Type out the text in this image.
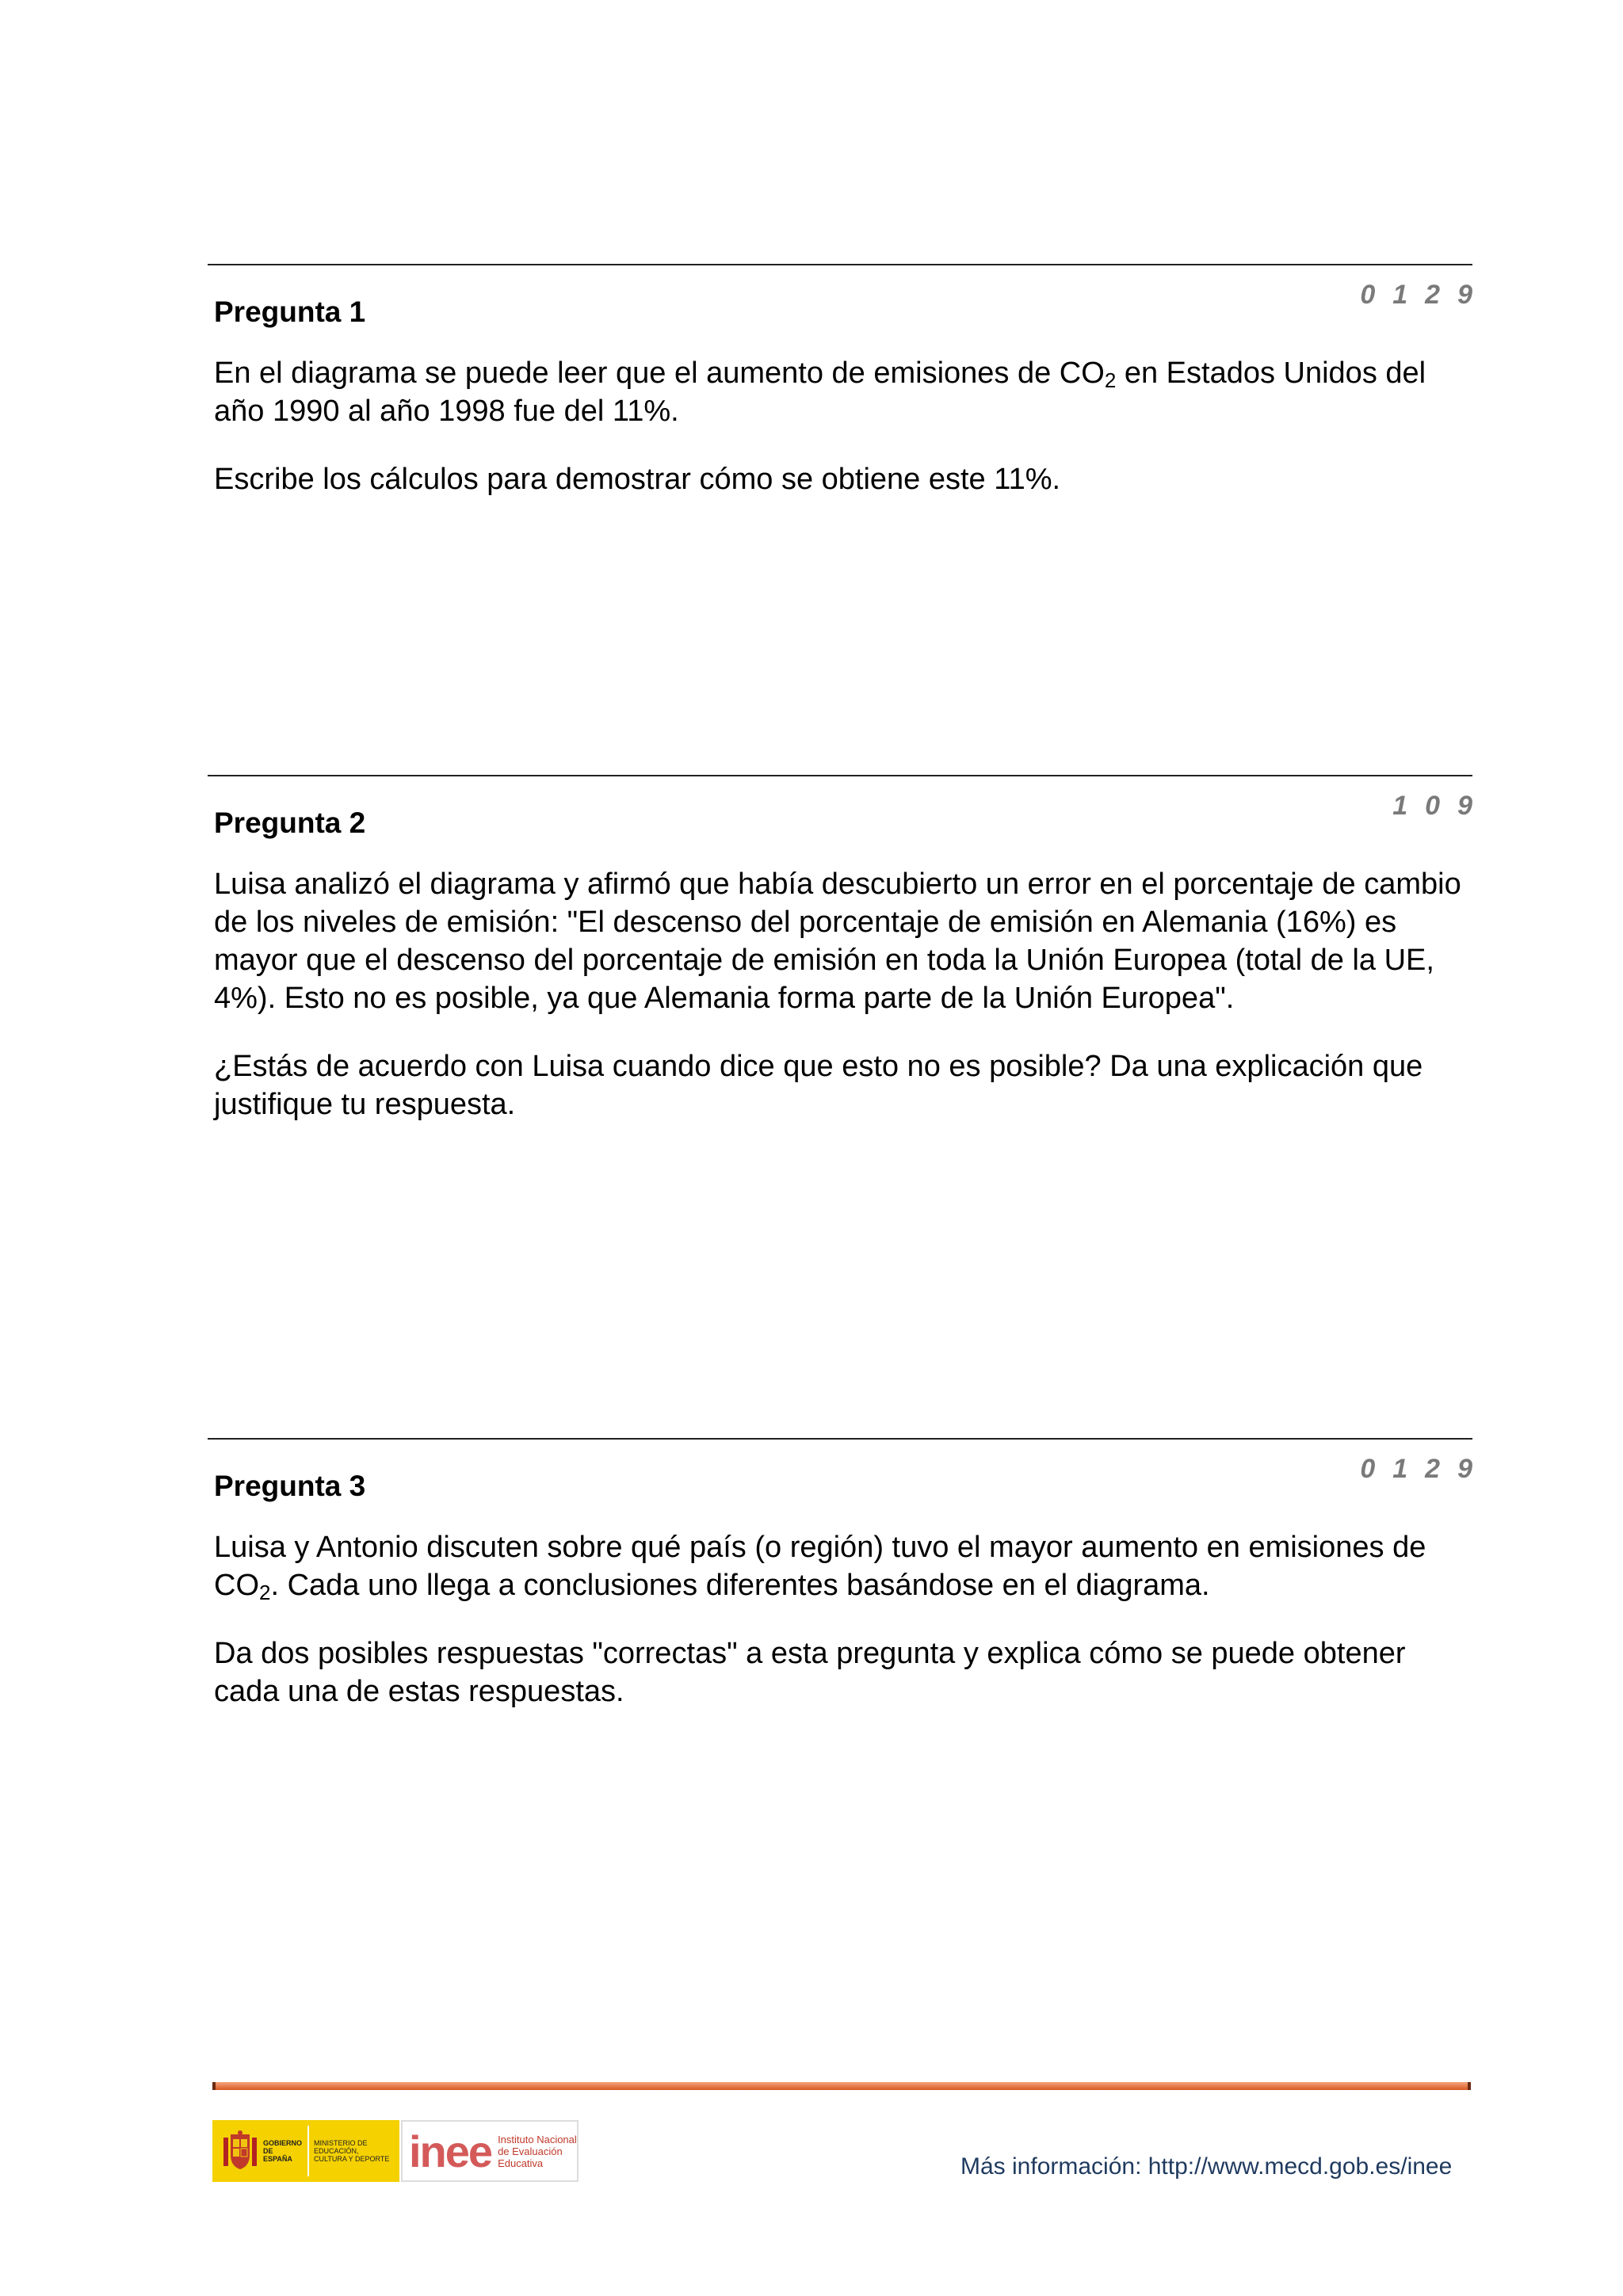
0 1 2 9
Pregunta 1

En el diagrama se puede leer que el aumento de emisiones de $CO_2$ en Estados Unidos del año 1990 al año 1998 fue del 11%.

Escribe los cálculos para demostrar cómo se obtiene este 11%.

1 0 9
Pregunta 2

Luisa analizó el diagrama y afirmó que había descubierto un error en el porcentaje de cambio de los niveles de emisión: "El descenso del porcentaje de emisión en Alemania (16%) es mayor que el descenso del porcentaje de emisión en toda la Unión Europea (total de la UE, 4%). Esto no es posible, ya que Alemania forma parte de la Unión Europea".

¿Estás de acuerdo con Luisa cuando dice que esto no es posible? Da una explicación que justifique tu respuesta.

0 1 2 9
Pregunta 3

Luisa y Antonio discuten sobre qué país (o región) tuvo el mayor aumento en emisiones de $CO_2$. Cada uno llega a conclusiones diferentes basándose en el diagrama.

Da dos posibles respuestas "correctas" a esta pregunta y explica cómo se puede obtener cada una de estas respuestas.

GOBIERNO DE ESPAÑA
MINISTERIO DE EDUCACIÓN, CULTURA Y DEPORTE inee Instituto Nacional de Evaluación Educativa	Más información: http://www.mecd.gob.es/inee
